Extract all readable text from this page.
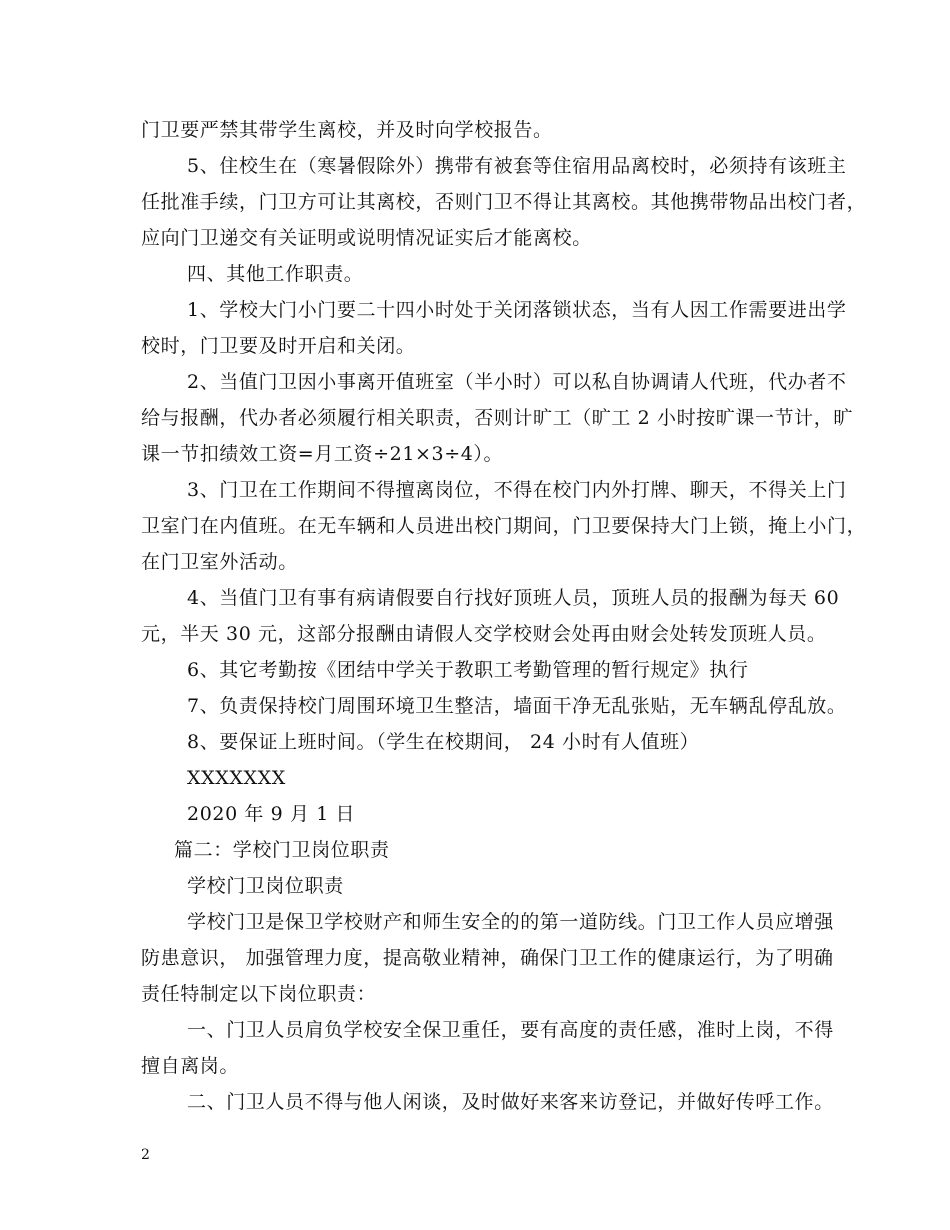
门卫要严禁其带学生离校，并及时向学校报告。
5、住校生在（寒暑假除外）携带有被套等住宿用品离校时，必须持有该班主
任批准手续，门卫方可让其离校，否则门卫不得让其离校。其他携带物品出校门者，
应向门卫递交有关证明或说明情况证实后才能离校。
四、其他工作职责。
1、学校大门小门要二十四小时处于关闭落锁状态，当有人因工作需要进出学
校时，门卫要及时开启和关闭。
2、当值门卫因小事离开值班室（半小时）可以私自协调请人代班，代办者不
给与报酬，代办者必须履行相关职责，否则计旷工（旷工 2 小时按旷课一节计，旷
课一节扣绩效工资=月工资÷21×3÷4）。
3、门卫在工作期间不得擅离岗位，不得在校门内外打牌、聊天，不得关上门
卫室门在内值班。在无车辆和人员进出校门期间，门卫要保持大门上锁，掩上小门，
在门卫室外活动。
4、当值门卫有事有病请假要自行找好顶班人员，顶班人员的报酬为每天 60
元，半天 30 元，这部分报酬由请假人交学校财会处再由财会处转发顶班人员。
6、其它考勤按《团结中学关于教职工考勤管理的暂行规定》执行
7、负责保持校门周围环境卫生整洁，墙面干净无乱张贴，无车辆乱停乱放。
8、要保证上班时间。（学生在校期间， 24 小时有人值班）
XXXXXXX
2020 年 9 月 1 日
篇二：学校门卫岗位职责
学校门卫岗位职责
学校门卫是保卫学校财产和师生安全的的第一道防线。门卫工作人员应增强
防患意识， 加强管理力度，提高敬业精神，确保门卫工作的健康运行，为了明确
责任特制定以下岗位职责：
一、门卫人员肩负学校安全保卫重任，要有高度的责任感，准时上岗，不得
擅自离岗。
二、门卫人员不得与他人闲谈，及时做好来客来访登记，并做好传呼工作。
2
